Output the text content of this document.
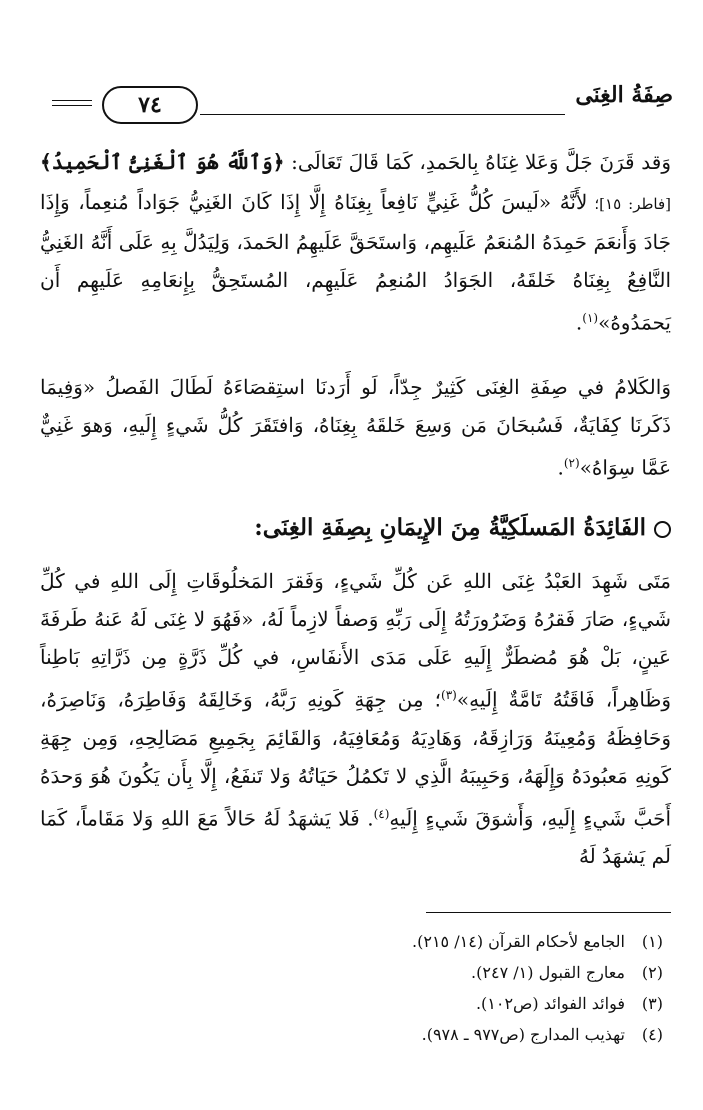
صِفَةُ الغِنَى
٧٤
وَقد قَرَنَ جَلَّ وَعَلا غِنَاهُ بِالحَمدِ، كَمَا قَالَ تَعَالَى: ﴿وَٱللَّهُ هُوَ ٱلْغَنِىُّ ٱلْحَمِيدُ﴾ [فاطر: ١٥]؛ لأَنَّهُ «لَيسَ كُلُّ غَنِيٍّ نَافِعاً بِغِنَاهُ إِلَّا إِذَا كَانَ الغَنِيُّ جَوَاداً مُنعِماً، وَإِذَا جَادَ وَأَنعَمَ حَمِدَهُ المُنعَمُ عَلَيهِم، وَاستَحَقَّ عَلَيهِمُ الحَمدَ، وَلِيَدُلَّ بِهِ عَلَى أَنَّهُ الغَنِيُّ النَّافِعُ بِغِنَاهُ خَلقَهُ، الجَوَادُ المُنعِمُ عَلَيهِم، المُستَحِقُّ بِإِنعَامِهِ عَلَيهِم أَن يَحمَدُوهُ»$^{(١)}$.
وَالكَلامُ في صِفَةِ الغِنَى كَثِيرٌ جِدّاً، لَو أَرَدنَا استِقصَاءَهُ لَطَالَ الفَصلُ «وَفِيمَا ذَكَرنَا كِفَايَةٌ، فَسُبحَانَ مَن وَسِعَ خَلقَهُ بِغِنَاهُ، وَافتَقَرَ كُلُّ شَيءٍ إِلَيهِ، وَهوَ غَنِيٌّ عَمَّا سِوَاهُ»$^{(٢)}$.
الفَائِدَةُ المَسلَكِيَّةُ مِنَ الإِيمَانِ بِصِفَةِ الغِنَى:
مَتَى شَهِدَ العَبْدُ غِنَى اللهِ عَن كُلِّ شَيءٍ، وَفَقرَ المَخلُوقَاتِ إِلَى اللهِ في كُلِّ شَيءٍ، صَارَ فَقرُهُ وَضَرُورَتُهُ إِلَى رَبِّهِ وَصفاً لازِماً لَهُ، «فَهُوَ لا غِنَى لَهُ عَنهُ طَرفَةَ عَينٍ، بَلْ هُوَ مُضطَرٌّ إِلَيهِ عَلَى مَدَى الأَنفَاسِ، في كُلِّ ذَرَّةٍ مِن ذَرَّاتِهِ بَاطِناً وَظَاهِراً، فَاقَتُهُ تَامَّةٌ إِلَيهِ»$^{(٣)}$؛ مِن جِهَةِ كَونِهِ رَبَّهُ، وَخَالِقَهُ وَفَاطِرَهُ، وَنَاصِرَهُ، وَحَافِظَهُ وَمُعِينَهُ وَرَازِقَهُ، وَهَادِيَهُ وَمُعَافِيَهُ، وَالقَائِمَ بِجَمِيعِ مَصَالِحِهِ، وَمِن جِهَةِ كَونِهِ مَعبُودَهُ وَإِلَهَهُ، وَحَبِيبَهُ الَّذِي لا تَكمُلُ حَيَاتُهُ وَلا تَنفَعُ، إِلَّا بِأَن يَكُونَ هُوَ وَحدَهُ أَحَبَّ شَيءٍ إِلَيهِ، وَأَشوَقَ شَيءٍ إِلَيهِ$^{(٤)}$. فَلا يَشهَدُ لَهُ حَالاً مَعَ اللهِ وَلا مَقَاماً، كَمَا لَم يَشهَدُ لَهُ
(١)الجامع لأحكام القرآن (١٤/ ٢١٥).
(٢)معارج القبول (١/ ٢٤٧).
(٣)فوائد الفوائد (ص١٠٢).
(٤)تهذيب المدارج (ص٩٧٧ ـ ٩٧٨).
